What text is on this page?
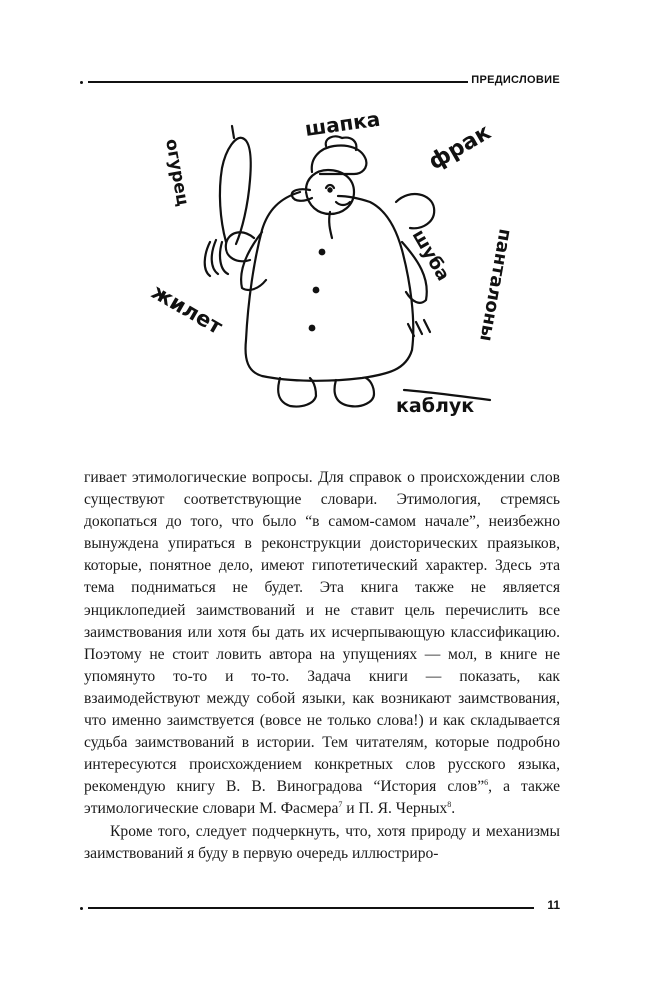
ПРЕДИСЛОВИЕ
шапка фрак
шуба панталоны
каблук
жилет
огурец

гивает этимологические вопросы. Для справок о происхождении слов существуют соответствующие словари. Этимология, стремясь докопаться до того, что было “в самом-самом начале”, неизбежно вынуждена упираться в реконструкции доисторических праязыков, которые, понятное дело, имеют гипотетический характер. Здесь эта тема подниматься не будет. Эта книга также не является энциклопедией заимствований и не ставит цель перечислить все заимствования или хотя бы дать их исчерпывающую классификацию. Поэтому не стоит ловить автора на упущениях — мол, в книге не упомянуто то-то и то-то. Задача книги — показать, как взаимодействуют между собой языки, как возникают заимствования, что именно заимствуется (вовсе не только слова!) и как складывается судьба заимствований в истории. Тем читателям, которые подробно интересуются происхождением конкретных слов русского языка, рекомендую книгу В. В. Виноградова “История слов”$^6$, а также этимологические словари М. Фасмера$^7$ и П. Я. Черных$^8$.

Кроме того, следует подчеркнуть, что, хотя природу и механизмы заимствований я буду в первую очередь иллюстриро-

11
